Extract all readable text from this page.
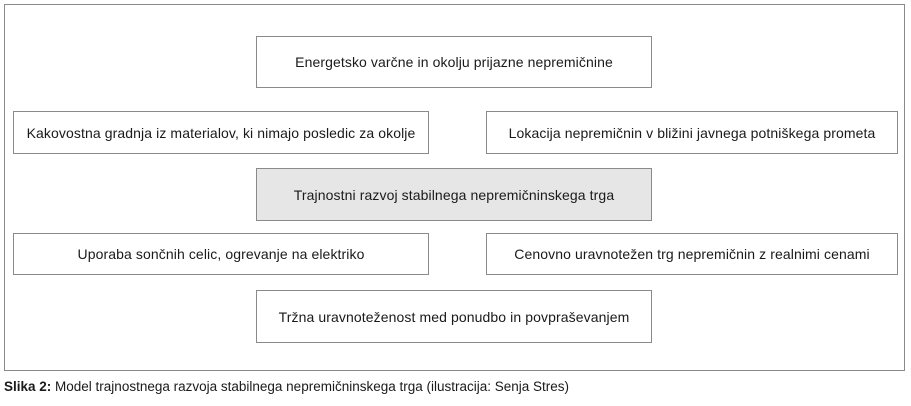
Energetsko varčne in okolju prijazne nepremičnine
Kakovostna gradnja iz materialov, ki nimajo posledic za okolje	Lokacija nepremičnin v bližini javnega potniškega prometa
Trajnostni razvoj stabilnega nepremičninskega trga
Uporaba sončnih celic, ogrevanje na elektriko	Cenovno uravnotežen trg nepremičnin z realnimi cenami
Tržna uravnoteženost med ponudbo in povpraševanjem
Slika 2: Model trajnostnega razvoja stabilnega nepremičninskega trga (ilustracija: Senja Stres)
